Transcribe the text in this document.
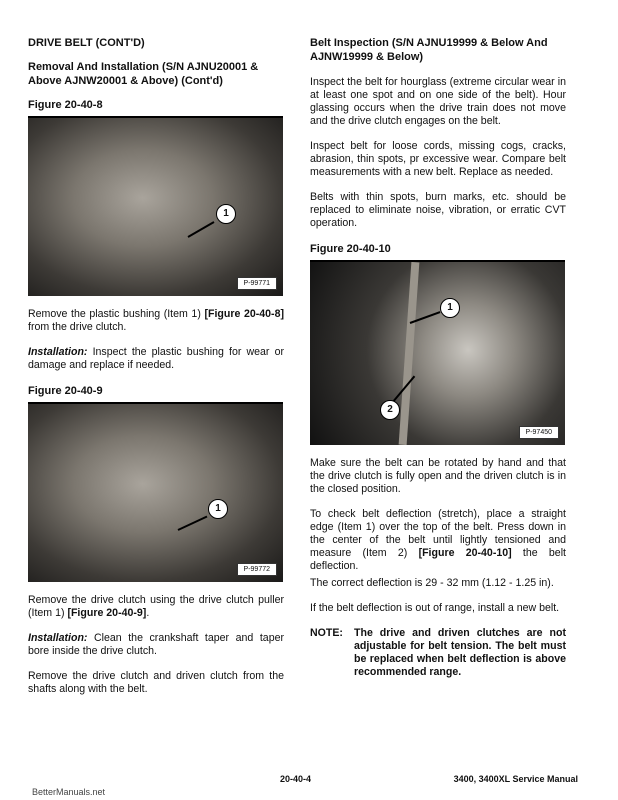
DRIVE BELT (CONT'D)
Removal And Installation (S/N AJNU20001 & Above AJNW20001 & Above) (Cont'd)
Figure 20-40-8
1
P-99771

Remove the plastic bushing (Item 1) [Figure 20-40-8] from the drive clutch.

Installation: Inspect the plastic bushing for wear or damage and replace if needed.

Figure 20-40-9
1
P-99772

Remove the drive clutch using the drive clutch puller (Item 1) [Figure 20-40-9].

Installation: Clean the crankshaft taper and taper bore inside the drive clutch.

Remove the drive clutch and driven clutch from the shafts along with the belt.

Belt Inspection (S/N AJNU19999 & Below And AJNW19999 & Below)

Inspect the belt for hourglass (extreme circular wear in at least one spot and on one side of the belt). Hour glassing occurs when the drive train does not move and the drive clutch engages on the belt.

Inspect belt for loose cords, missing cogs, cracks, abrasion, thin spots, pr excessive wear. Compare belt measurements with a new belt. Replace as needed.

Belts with thin spots, burn marks, etc. should be replaced to eliminate noise, vibration, or erratic CVT operation.

Figure 20-40-10
1
2
P-97450

Make sure the belt can be rotated by hand and that the drive clutch is fully open and the driven clutch is in the closed position.

To check belt deflection (stretch), place a straight edge (Item 1) over the top of the belt. Press down in the center of the belt until lightly tensioned and measure (Item 2) [Figure 20-40-10] the belt deflection.

The correct deflection is 29 - 32 mm (1.12 - 1.25 in).

If the belt deflection is out of range, install a new belt.

NOTE:	The drive and driven clutches are not adjustable for belt tension. The belt must be replaced when belt deflection is above recommended range.
20-40-4	3400, 3400XL Service Manual
BetterManuals.net
